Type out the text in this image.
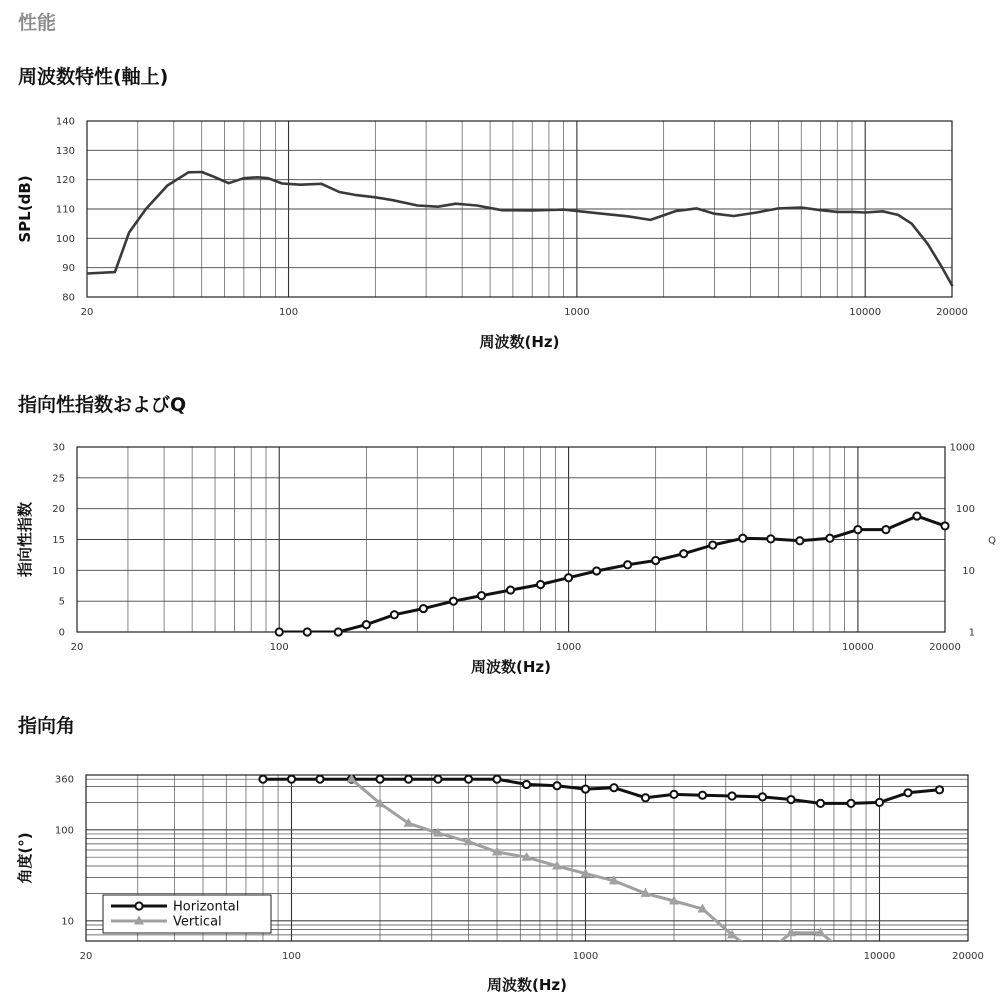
性能
周波数特性(軸上)
指向性指数およびQ
指向角
20	100	1000	10000	20000
80
90
100
110
120
130
140
周波数(Hz)
SPL(dB)
20	100	1000	10000	20000
0
5
10
15
20
25
30
1
10
100
1000
Q
周波数(Hz)
指向性指数
20	100	1000	10000	20000
10
100
360
周波数(Hz)
角度(°)
Horizontal
Vertical
